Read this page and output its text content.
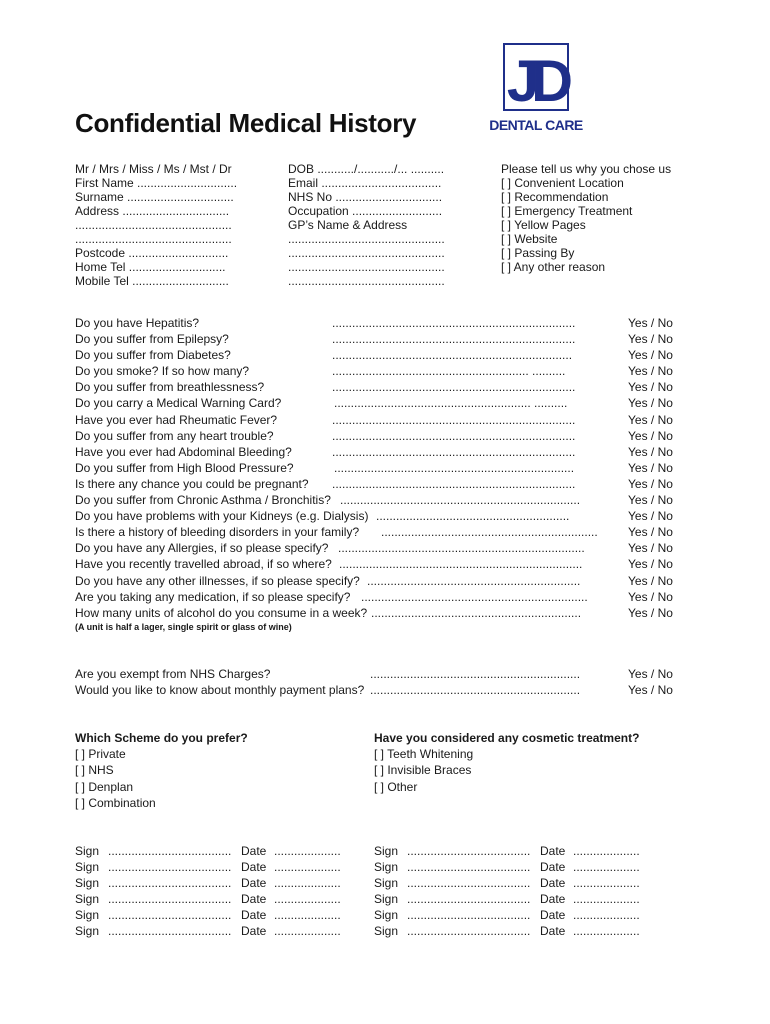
JD
DENTAL CARE
Confidential Medical History
Mr / Mrs / Miss / Ms / Mst / Dr
First Name ..............................
Surname ................................
Address ................................
...............................................
...............................................
Postcode ..............................
Home Tel .............................
Mobile Tel .............................
DOB .........../.........../... ..........
Email ....................................
NHS No ................................
Occupation ...........................
GP’s Name & Address
...............................................
...............................................
...............................................
...............................................
Please tell us why you chose us
[ ] Convenient Location
[ ] Recommendation
[ ] Emergency Treatment
[ ] Yellow Pages
[ ] Website
[ ] Passing By
[ ] Any other reason
Do you have Hepatitis?	.........................................................................	Yes / No
Do you suffer from Epilepsy?	.........................................................................	Yes / No
Do you suffer from Diabetes?	........................................................................	Yes / No
Do you smoke? If so how many?	........................................................... ..........	Yes / No
Do you suffer from breathlessness?	.........................................................................	Yes / No
Do you carry a Medical Warning Card?	........................................................... ..........	Yes / No
Have you ever had Rheumatic Fever?	.........................................................................	Yes / No
Do you suffer from any heart trouble?	.........................................................................	Yes / No
Have you ever had Abdominal Bleeding?	.........................................................................	Yes / No
Do you suffer from High Blood Pressure?	........................................................................	Yes / No
Is there any chance you could be pregnant? .........................................................................	Yes / No
Do you suffer from Chronic Asthma / Bronchitis? ........................................................................	Yes / No
Do you have problems with your Kidneys (e.g. Dialysis) ..........................................................	Yes / No
Is there a history of bleeding disorders in your family? .................................................................	Yes / No
Do you have any Allergies, if so please specify? ..........................................................................	Yes / No
Have you recently travelled abroad, if so where? .........................................................................	Yes / No
Do you have any other illnesses, if so please specify? ................................................................	Yes / No
Are you taking any medication, if so please specify? ....................................................................	Yes / No
How many units of alcohol do you consume in a week? ...............................................................	Yes / No
(A unit is half a lager, single spirit or glass of wine)
Are you exempt from NHS Charges?	...............................................................	Yes / No
Would you like to know about monthly payment plans? ...............................................................	Yes / No
Which Scheme do you prefer?
[ ] Private
[ ] NHS
[ ] Denplan
[ ] Combination
Have you considered any cosmetic treatment?
[ ] Teeth Whitening
[ ] Invisible Braces
[ ] Other
Sign ..................................... Date ....................
Sign ..................................... Date ....................
Sign ..................................... Date ....................
Sign ..................................... Date ....................
Sign ..................................... Date ....................
Sign ..................................... Date ....................
Sign ..................................... Date ....................
Sign ..................................... Date ....................
Sign ..................................... Date ....................
Sign ..................................... Date ....................
Sign ..................................... Date ....................
Sign ..................................... Date ....................
